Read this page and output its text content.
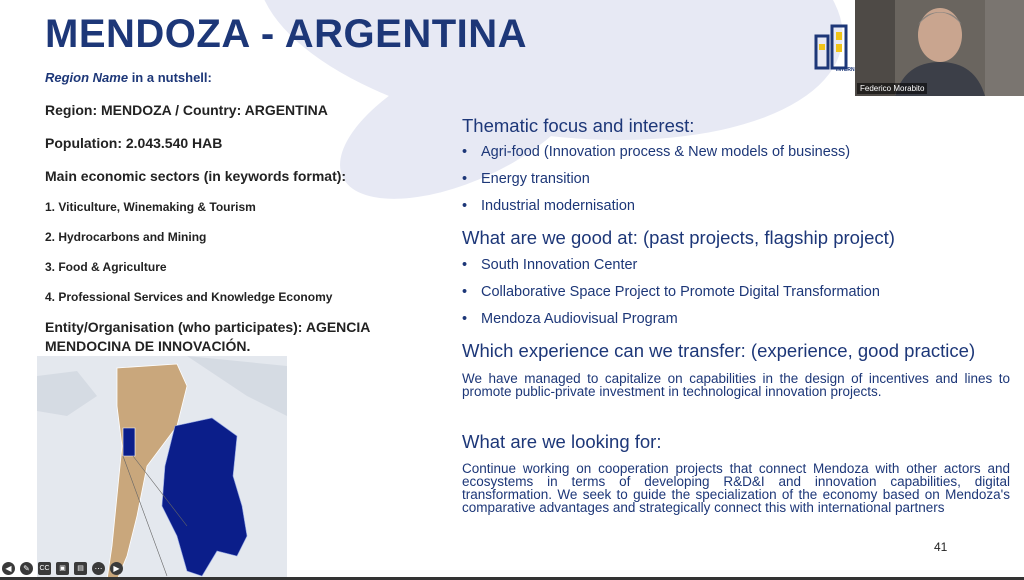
MENDOZA - ARGENTINA
Region Name in a nutshell:
Region: MENDOZA / Country: ARGENTINA
Population: 2.043.540 HAB
Main economic sectors (in keywords format):
1. Viticulture, Winemaking & Tourism
2. Hydrocarbons and Mining
3. Food & Agriculture
4. Professional Services and Knowledge Economy
Entity/Organisation (who participates): AGENCIA MENDOCINA DE INNOVACIÓN.
Thematic focus and interest:
• Agri-food (Innovation process & New models of business)
• Energy transition
• Industrial modernisation
What are we good at: (past projects, flagship project)
• South Innovation Center
• Collaborative Space Project to Promote Digital Transformation
• Mendoza Audiovisual Program
Which experience can we transfer: (experience, good practice)
We have managed to capitalize on capabilities in the design of incentives and lines to promote public-private investment in technological innovation projects.
What are we looking for:
Continue working on cooperation projects that connect Mendoza with other actors and ecosystems in terms of developing R&D&I and innovation capabilities, digital transformation. We seek to guide the specialization of the economy based on Mendoza's comparative advantages and strategically connect this with international partners
41
INTERN
Federico Morabito
◀	✎	CC	▣	▤	⋯	▶
